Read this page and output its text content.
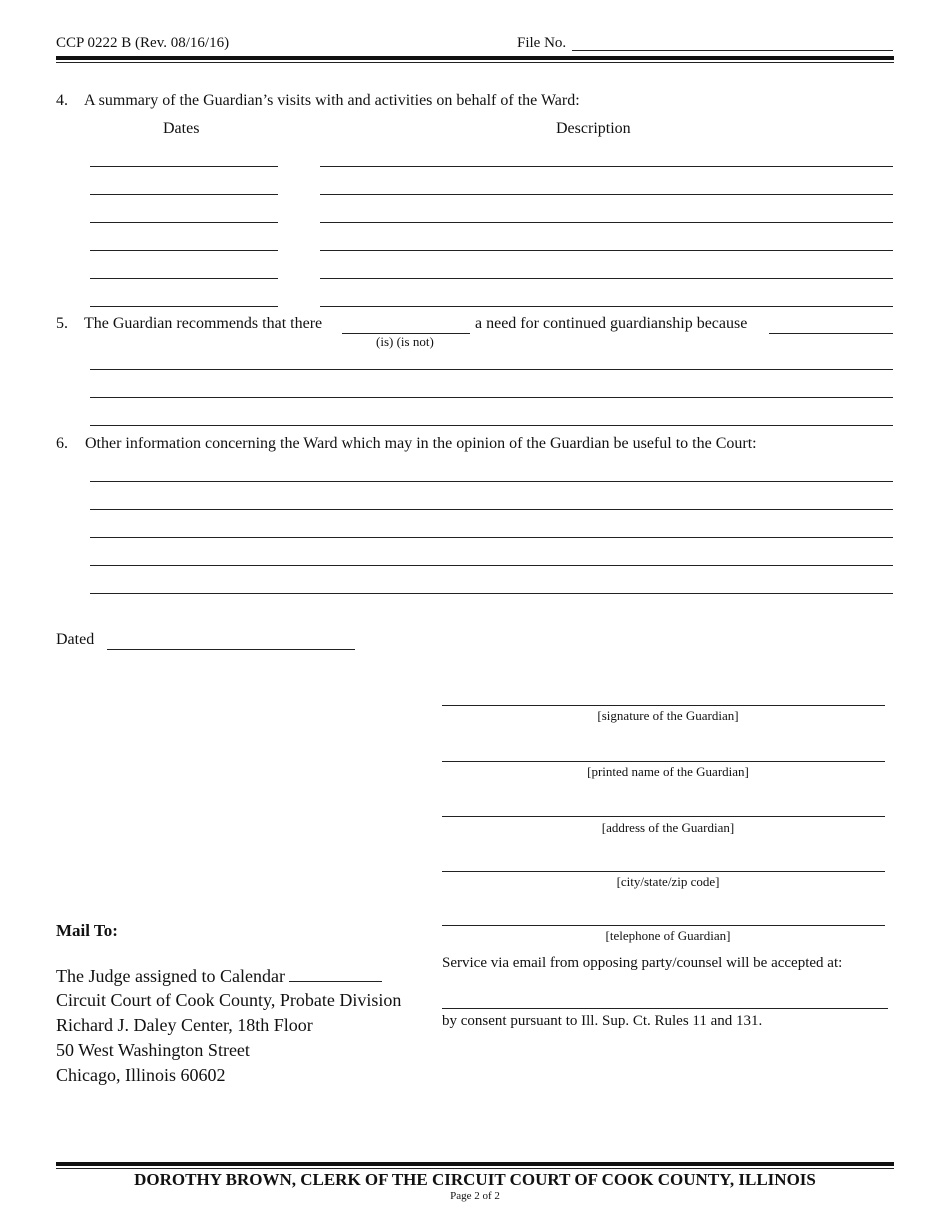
CCP 0222 B (Rev. 08/16/16)	File No.
4. A summary of the Guardian’s visits with and activities on behalf of the Ward:
Dates	Description
5. The Guardian recommends that there	a need for continued guardianship because
(is) (is not)
6. Other information concerning the Ward which may in the opinion of the Guardian be useful to the Court:
Dated
[signature of the Guardian]
[printed name of the Guardian]
[address of the Guardian]
[city/state/zip code]
[telephone of Guardian]
Service via email from opposing party/counsel will be accepted at:
by consent pursuant to Ill. Sup. Ct. Rules 11 and 131.
Mail To:
The Judge assigned to Calendar
Circuit Court of Cook County, Probate Division
Richard J. Daley Center, 18th Floor
50 West Washington Street
Chicago, Illinois 60602
DOROTHY BROWN, CLERK OF THE CIRCUIT COURT OF COOK COUNTY, ILLINOIS
Page 2 of 2
